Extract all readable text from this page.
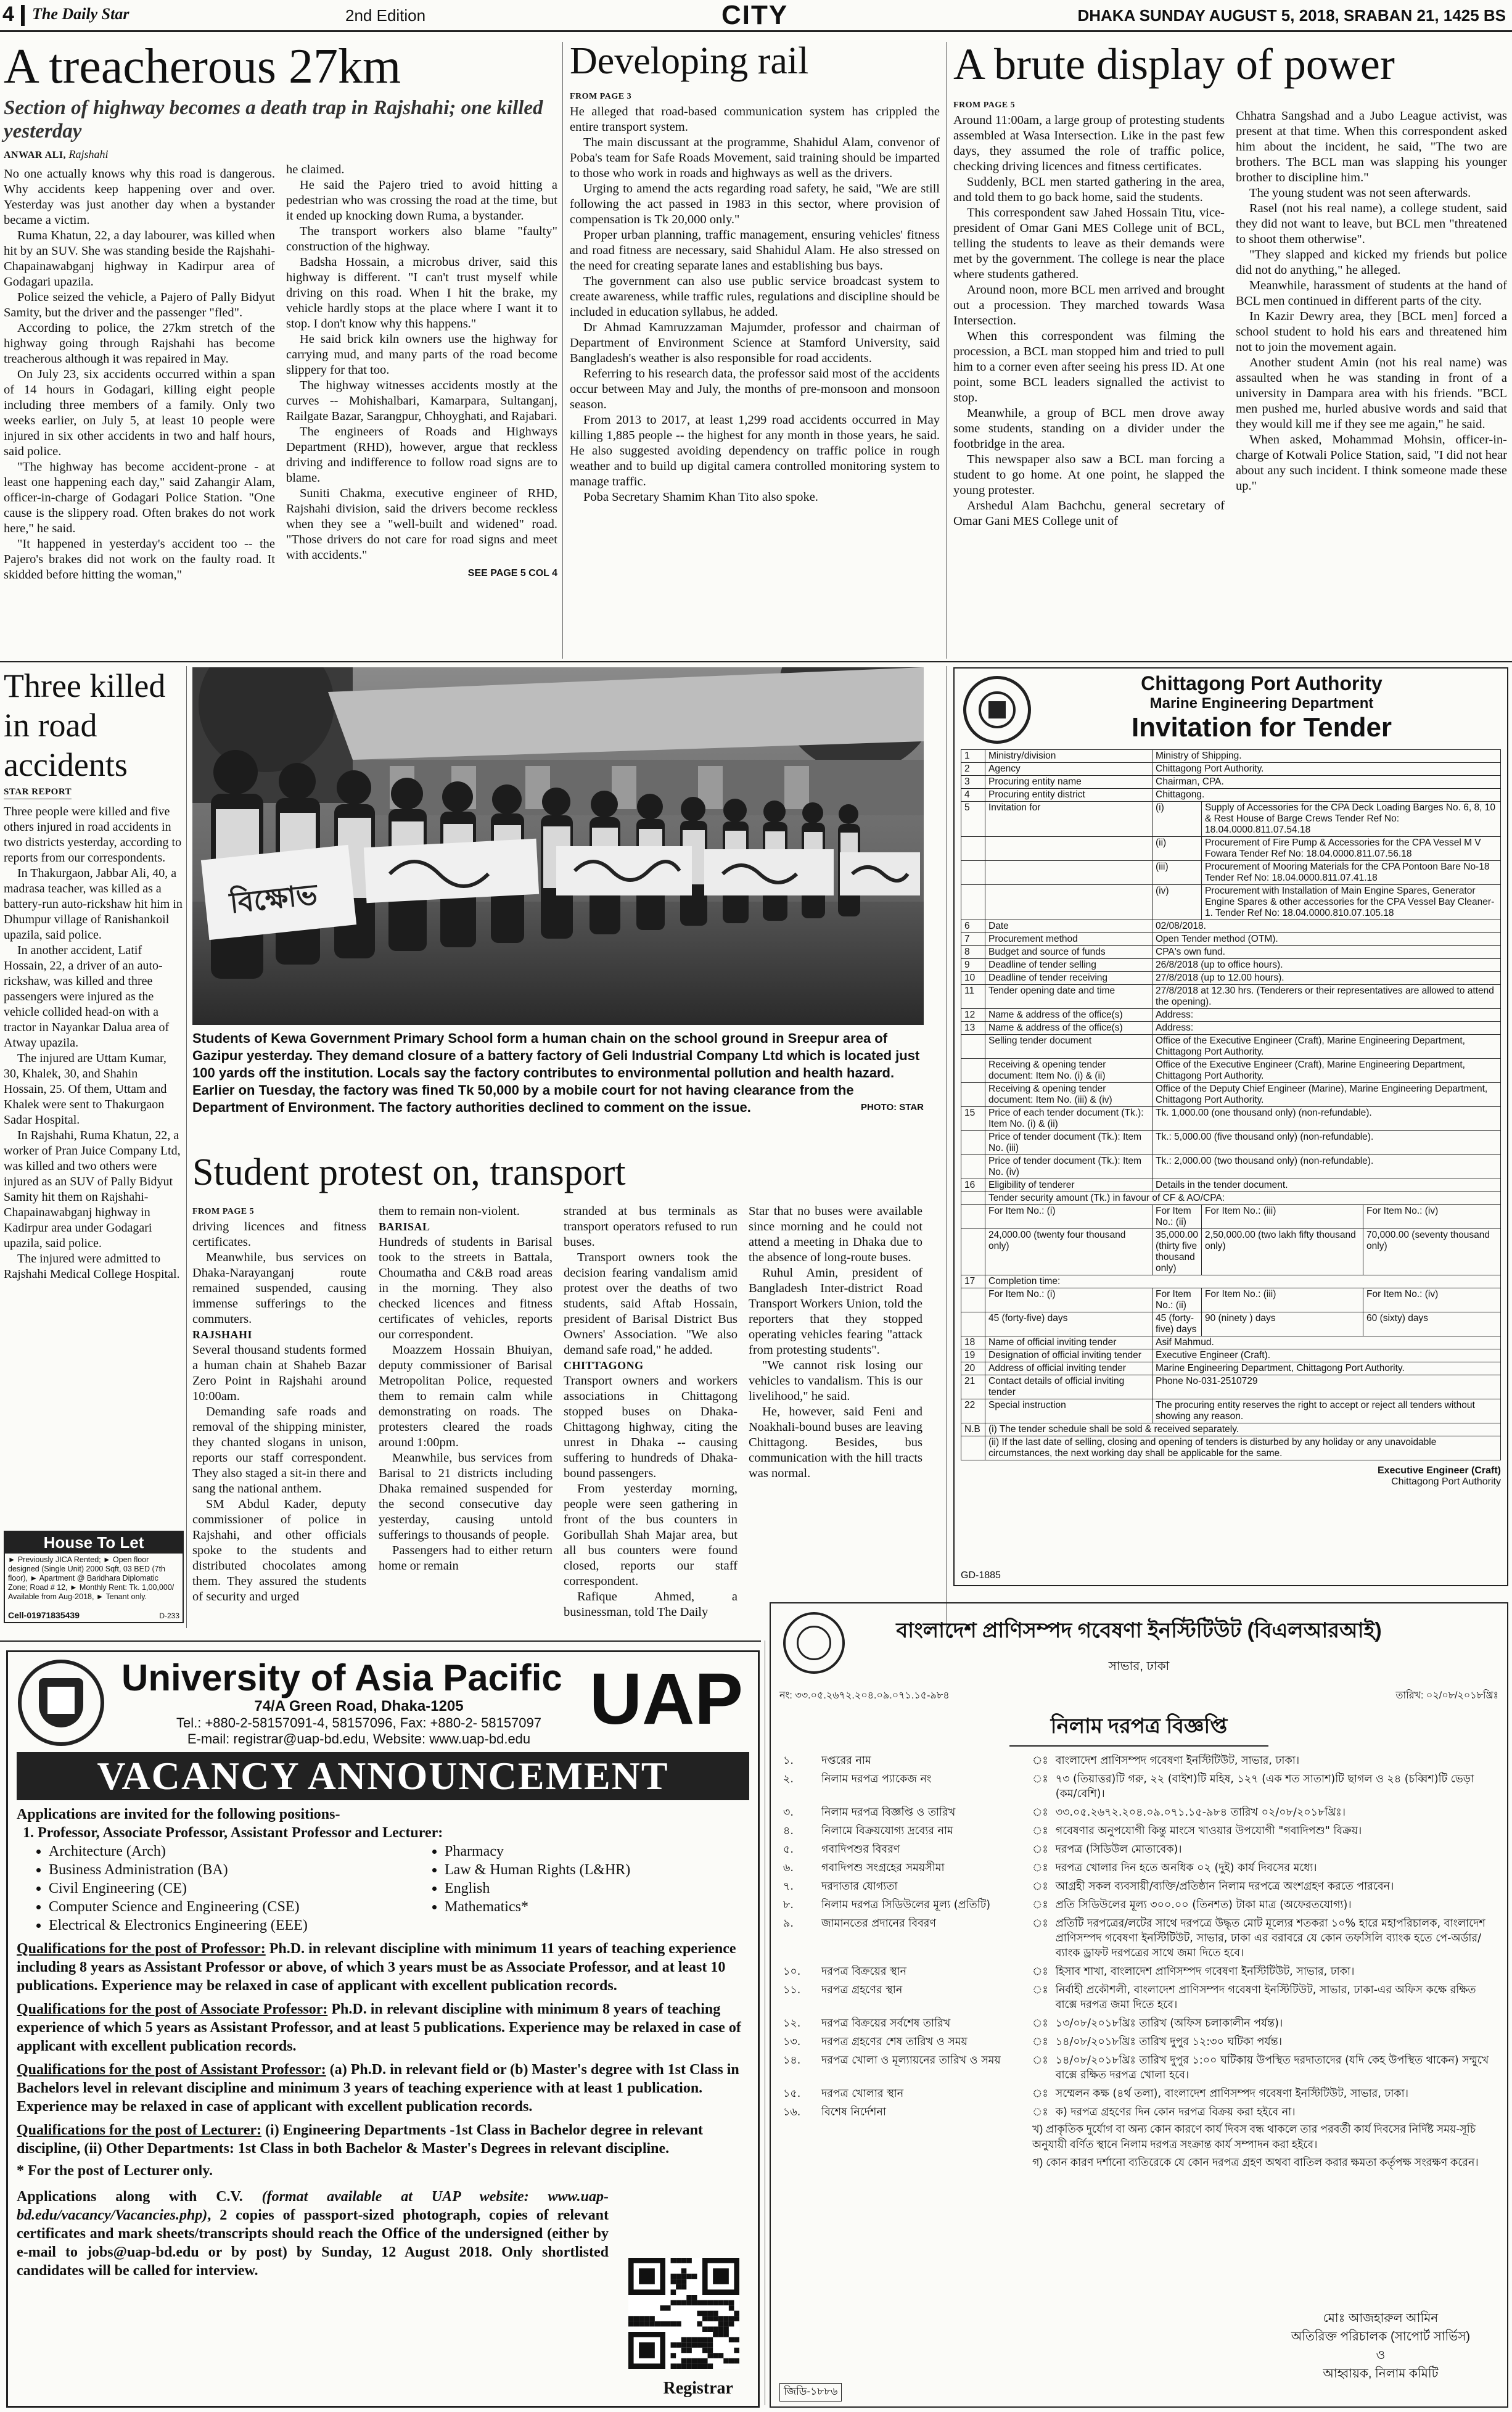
4 The Daily Star	2nd Edition	CITY	DHAKA SUNDAY AUGUST 5, 2018, SRABAN 21, 1425 BS
A treacherous 27km
Section of highway becomes a death trap in Rajshahi; one killed yesterday
ANWAR ALI, Rajshahi

No one actually knows why this road is dangerous. Why accidents keep happening over and over. Yesterday was just another day when a bystander became a victim.

Ruma Khatun, 22, a day labourer, was killed when hit by an SUV. She was standing beside the Rajshahi-Chapainawabganj highway in Kadirpur area of Godagari upazila.

Police seized the vehicle, a Pajero of Pally Bidyut Samity, but the driver and the passenger "fled".

According to police, the 27km stretch of the highway going through Rajshahi has become treacherous although it was repaired in May.

On July 23, six accidents occurred within a span of 14 hours in Godagari, killing eight people including three members of a family. Only two weeks earlier, on July 5, at least 10 people were injured in six other accidents in two and half hours, said police.

"The highway has become accident-prone - at least one happening each day," said Zahangir Alam, officer-in-charge of Godagari Police Station. "One cause is the slippery road. Often brakes do not work here," he said.

"It happened in yesterday's accident too -- the Pajero's brakes did not work on the faulty road. It skidded before hitting the woman,"

he claimed.

He said the Pajero tried to avoid hitting a pedestrian who was crossing the road at the time, but it ended up knocking down Ruma, a bystander.

The transport workers also blame "faulty" construction of the highway.

Badsha Hossain, a microbus driver, said this highway is different. "I can't trust myself while driving on this road. When I hit the brake, my vehicle hardly stops at the place where I want it to stop. I don't know why this happens."

He said brick kiln owners use the highway for carrying mud, and many parts of the road become slippery for that too.

The highway witnesses accidents mostly at the curves -- Mohishalbari, Kamarpara, Sultanganj, Railgate Bazar, Sarangpur, Chhoyghati, and Rajabari.

The engineers of Roads and Highways Department (RHD), however, argue that reckless driving and indifference to follow road signs are to blame.

Suniti Chakma, executive engineer of RHD, Rajshahi division, said the drivers become reckless when they see a "well-built and widened" road. "Those drivers do not care for road signs and meet with accidents."

SEE PAGE 5 COL 4
Developing rail
FROM PAGE 3

He alleged that road-based communication system has crippled the entire transport system.

The main discussant at the programme, Shahidul Alam, convenor of Poba's team for Safe Roads Movement, said training should be imparted to those who work in roads and highways as well as the drivers.

Urging to amend the acts regarding road safety, he said, "We are still following the act passed in 1983 in this sector, where provision of compensation is Tk 20,000 only."

Proper urban planning, traffic management, ensuring vehicles' fitness and road fitness are necessary, said Shahidul Alam. He also stressed on the need for creating separate lanes and establishing bus bays.

The government can also use public service broadcast system to create awareness, while traffic rules, regulations and discipline should be included in education syllabus, he added.

Dr Ahmad Kamruzzaman Majumder, professor and chairman of Department of Environment Science at Stamford University, said Bangladesh's weather is also responsible for road accidents.

Referring to his research data, the professor said most of the accidents occur between May and July, the months of pre-monsoon and monsoon season.

From 2013 to 2017, at least 1,299 road accidents occurred in May killing 1,885 people -- the highest for any month in those years, he said. He also suggested avoiding dependency on traffic police in rough weather and to build up digital camera controlled monitoring system to manage traffic.

Poba Secretary Shamim Khan Tito also spoke.

A brute display of power
FROM PAGE 5

Around 11:00am, a large group of protesting students assembled at Wasa Intersection. Like in the past few days, they assumed the role of traffic police, checking driving licences and fitness certificates.

Suddenly, BCL men started gathering in the area, and told them to go back home, said the students.

This correspondent saw Jahed Hossain Titu, vice-president of Omar Gani MES College unit of BCL, telling the students to leave as their demands were met by the government. The college is near the place where students gathered.

Around noon, more BCL men arrived and brought out a procession. They marched towards Wasa Intersection.

When this correspondent was filming the procession, a BCL man stopped him and tried to pull him to a corner even after seeing his press ID. At one point, some BCL leaders signalled the activist to stop.

Meanwhile, a group of BCL men drove away some students, standing on a divider under the footbridge in the area.

This newspaper also saw a BCL man forcing a student to go home. At one point, he slapped the young protester.

Arshedul Alam Bachchu, general secretary of Omar Gani MES College unit of

Chhatra Sangshad and a Jubo League activist, was present at that time. When this correspondent asked him about the incident, he said, "The two are brothers. The BCL man was slapping his younger brother to discipline him."

The young student was not seen afterwards.

Rasel (not his real name), a college student, said they did not want to leave, but BCL men "threatened to shoot them otherwise".

"They slapped and kicked my friends but police did not do anything," he alleged.

Meanwhile, harassment of students at the hand of BCL men continued in different parts of the city.

In Kazir Dewry area, they [BCL men] forced a school student to hold his ears and threatened him not to join the movement again.

Another student Amin (not his real name) was assaulted when he was standing in front of a university in Dampara area with his friends. "BCL men pushed me, hurled abusive words and said that they would kill me if they see me again," he said.

When asked, Mohammad Mohsin, officer-in-charge of Kotwali Police Station, said, "I did not hear about any such incident. I think someone made these up."

Three killed in road accidents
STAR REPORT

Three people were killed and five others injured in road accidents in two districts yesterday, according to reports from our correspondents.

In Thakurgaon, Jabbar Ali, 40, a madrasa teacher, was killed as a battery-run auto-rickshaw hit him in Dhumpur village of Ranishankoil upazila, said police.

In another accident, Latif Hossain, 22, a driver of an auto-rickshaw, was killed and three passengers were injured as the vehicle collided head-on with a tractor in Nayankar Dalua area of Atway upazila.

The injured are Uttam Kumar, 30, Khalek, 30, and Shahin Hossain, 25. Of them, Uttam and Khalek were sent to Thakurgaon Sadar Hospital.

In Rajshahi, Ruma Khatun, 22, a worker of Pran Juice Company Ltd, was killed and two others were injured as an SUV of Pally Bidyut Samity hit them on Rajshahi-Chapainawabganj highway in Kadirpur area under Godagari upazila, said police.

The injured were admitted to Rajshahi Medical College Hospital.

House To Let
► Previously JICA Rented; ► Open floor designed (Single Unit) 2000 Sqft, 03 BED (7th floor), ► Apartment @ Baridhara Diplomatic Zone; Road # 12, ► Monthly Rent: Tk. 1,00,000/ Available from Aug-2018, ► Tenant only.
Cell-01971835439	D-233
বিক্ষোভ
Students of Kewa Government Primary School form a human chain on the school ground in Sreepur area of Gazipur yesterday. They demand closure of a battery factory of Geli Industrial Company Ltd which is located just 100 yards off the institution. Locals say the factory contributes to environmental pollution and health hazard. Earlier on Tuesday, the factory was fined Tk 50,000 by a mobile court for not having clearance from the Department of Environment. The factory authorities declined to comment on the issue.	PHOTO: STAR
Student protest on, transport
FROM PAGE 5

driving licences and fitness certificates.

Meanwhile, bus services on Dhaka-Narayanganj route remained suspended, causing immense sufferings to the commuters.

RAJSHAHI

Several thousand students formed a human chain at Shaheb Bazar Zero Point in Rajshahi around 10:00am.

Demanding safe roads and removal of the shipping minister, they chanted slogans in unison, reports our staff correspondent. They also staged a sit-in there and sang the national anthem.

SM Abdul Kader, deputy commissioner of police in Rajshahi, and other officials spoke to the students and distributed chocolates among them. They assured the students of security and urged

them to remain non-violent.

BARISAL

Hundreds of students in Barisal took to the streets in Battala, Choumatha and C&B road areas in the morning. They also checked licences and fitness certificates of vehicles, reports our correspondent.

Moazzem Hossain Bhuiyan, deputy commissioner of Barisal Metropolitan Police, requested them to remain calm while demonstrating on roads. The protesters cleared the roads around 1:00pm.

Meanwhile, bus services from Barisal to 21 districts including Dhaka remained suspended for the second consecutive day yesterday, causing untold sufferings to thousands of people.

Passengers had to either return home or remain

stranded at bus terminals as transport operators refused to run buses.

Transport owners took the decision fearing vandalism amid protest over the deaths of two students, said Aftab Hossain, president of Barisal District Bus Owners' Association. "We also demand safe road," he added.

CHITTAGONG

Transport owners and workers associations in Chittagong stopped buses on Dhaka-Chittagong highway, citing the unrest in Dhaka -- causing suffering to hundreds of Dhaka-bound passengers.

From yesterday morning, people were seen gathering in front of the bus counters in Goribullah Shah Majar area, but all bus counters were found closed, reports our staff correspondent.

Rafique Ahmed, a businessman, told The Daily

Star that no buses were available since morning and he could not attend a meeting in Dhaka due to the absence of long-route buses.

Ruhul Amin, president of Bangladesh Inter-district Road Transport Workers Union, told the reporters that they stopped operating vehicles fearing "attack from protesting students".

"We cannot risk losing our vehicles to vandalism. This is our livelihood," he said.

He, however, said Feni and Noakhali-bound buses are leaving Chittagong. Besides, bus communication with the hill tracts was normal.

Chittagong Port Authority
Marine Engineering Department
Invitation for Tender
1	Ministry/division	Ministry of Shipping.		
2	Agency	Chittagong Port Authority.		
3	Procuring entity name	Chairman, CPA.		
4	Procuring entity district	Chittagong.		
5	Invitation for	(i)	Supply of Accessories for the CPA Deck Loading Barges No. 6, 8, 10 & Rest House of Barge Crews Tender Ref No: 18.04.0000.811.07.54.18	
		(ii)	Procurement of Fire Pump & Accessories for the CPA Vessel M V Fowara Tender Ref No: 18.04.0000.811.07.56.18	
		(iii)	Procurement of Mooring Materials for the CPA Pontoon Bare No-18 Tender Ref No: 18.04.0000.811.07.41.18	
		(iv)	Procurement with Installation of Main Engine Spares, Generator Engine Spares & other accessories for the CPA Vessel Bay Cleaner-1. Tender Ref No: 18.04.0000.810.07.105.18	
6	Date	02/08/2018.		
7	Procurement method	Open Tender method (OTM).		
8	Budget and source of funds	CPA's own fund.		
9	Deadline of tender selling	26/8/2018 (up to office hours).		
10	Deadline of tender receiving	27/8/2018 (up to 12.00 hours).		
11	Tender opening date and time	27/8/2018 at 12.30 hrs. (Tenderers or their representatives are allowed to attend the opening).		
12	Name & address of the office(s)	Address:		
13	Name & address of the office(s)	Address:		
	Selling tender document	Office of the Executive Engineer (Craft), Marine Engineering Department, Chittagong Port Authority.		
	Receiving & opening tender document: Item No. (i) & (ii)	Office of the Executive Engineer (Craft), Marine Engineering Department, Chittagong Port Authority.		
	Receiving & opening tender document: Item No. (iii) & (iv)	Office of the Deputy Chief Engineer (Marine), Marine Engineering Department, Chittagong Port Authority.		
15	Price of each tender document (Tk.): Item No. (i) & (ii)	Tk. 1,000.00 (one thousand only) (non-refundable).		
	Price of tender document (Tk.): Item No. (iii)	Tk.: 5,000.00 (five thousand only) (non-refundable).		
	Price of tender document (Tk.): Item No. (iv)	Tk.: 2,000.00 (two thousand only) (non-refundable).		
16	Eligibility of tenderer	Details in the tender document.		
	Tender security amount (Tk.) in favour of CF & AO/CPA:			
	For Item No.: (i)	For Item No.: (ii)	For Item No.: (iii)	For Item No.: (iv)
	24,000.00 (twenty four thousand only)	35,000.00 (thirty five thousand only)	2,50,000.00 (two lakh fifty thousand only)	70,000.00 (seventy thousand only)
17	Completion time:			
	For Item No.: (i)	For Item No.: (ii)	For Item No.: (iii)	For Item No.: (iv)
	45 (forty-five) days	45 (forty-five) days	90 (ninety ) days	60 (sixty) days
18	Name of official inviting tender	Asif Mahmud.		
19	Designation of official inviting tender	Executive Engineer (Craft).		
20	Address of official inviting tender	Marine Engineering Department, Chittagong Port Authority.		
21	Contact details of official inviting tender	Phone No-031-2510729		
22	Special instruction	The procuring entity reserves the right to accept or reject all tenders without showing any reason.		
N.B	(i) The tender schedule shall be sold & received separately.			
	(ii) If the last date of selling, closing and opening of tenders is disturbed by any holiday or any unavoidable circumstances, the next working day shall be applicable for the same.			
Executive Engineer (Craft)
Chittagong Port Authority
GD-1885
University of Asia Pacific UAP
74/A Green Road, Dhaka-1205
Tel.: +880-2-58157091-4, 58157096, Fax: +880-2- 58157097
E-mail: registrar@uap-bd.edu, Website: www.uap-bd.edu
VACANCY ANNOUNCEMENT
Applications are invited for the following positions-
1. Professor, Associate Professor, Assistant Professor and Lecturer:
• Architecture (Arch)
• Business Administration (BA)
• Civil Engineering (CE)
• Computer Science and Engineering (CSE)
• Electrical & Electronics Engineering (EEE)
• Pharmacy
• Law & Human Rights (L&HR)
• English
• Mathematics*

Qualifications for the post of Professor: Ph.D. in relevant discipline with minimum 11 years of teaching experience including 8 years as Assistant Professor or above, of which 3 years must be as Associate Professor, and at least 10 publications. Experience may be relaxed in case of applicant with excellent publication records.

Qualifications for the post of Associate Professor: Ph.D. in relevant discipline with minimum 8 years of teaching experience of which 5 years as Assistant Professor, and at least 5 publications. Experience may be relaxed in case of applicant with excellent publication records.

Qualifications for the post of Assistant Professor: (a) Ph.D. in relevant field or (b) Master's degree with 1st Class in Bachelors level in relevant discipline and minimum 3 years of teaching experience with at least 1 publication. Experience may be relaxed in case of applicant with excellent publication records.

Qualifications for the post of Lecturer: (i) Engineering Departments -1st Class in Bachelor degree in relevant discipline, (ii) Other Departments: 1st Class in both Bachelor & Master's Degrees in relevant discipline.

* For the post of Lecturer only.

Applications along with C.V. (format available at UAP website: www.uap-bd.edu/vacancy/Vacancies.php), 2 copies of passport-sized photograph, copies of relevant certificates and mark sheets/transcripts should reach the Office of the undersigned (either by e-mail to jobs@uap-bd.edu or by post) by Sunday, 12 August 2018. Only shortlisted candidates will be called for interview.

Registrar
বাংলাদেশ প্রাণিসম্পদ গবেষণা ইনস্টিটিউট (বিএলআরআই)
সাভার, ঢাকা
নং: ৩৩.০৫.২৬৭২.২০৪.০৯.০৭১.১৫-৯৮৪	তারিখ: ০২/০৮/২০১৮খ্রিঃ
নিলাম দরপত্র বিজ্ঞপ্তি
১.	দপ্তরের নাম	ঃ	বাংলাদেশ প্রাণিসম্পদ গবেষণা ইনস্টিটিউট, সাভার, ঢাকা।
২.	নিলাম দরপত্র প্যাকেজ নং	ঃ	৭৩ (তিয়াত্তর)টি গরু, ২২ (বাইশ)টি মহিষ, ১২৭ (এক শত সাতাশ)টি ছাগল ও ২৪ (চব্বিশ)টি ভেড়া (কম/বেশি)।
৩.	নিলাম দরপত্র বিজ্ঞপ্তি ও তারিখ	ঃ	৩৩.০৫.২৬৭২.২০৪.০৯.০৭১.১৫-৯৮৪ তারিখ ০২/০৮/২০১৮খ্রিঃ।
৪.	নিলামে বিক্রয়যোগ্য দ্রব্যের নাম	ঃ	গবেষণার অনুপযোগী কিন্তু মাংসে খাওয়ার উপযোগী "গবাদিপশু" বিক্রয়।
৫.	গবাদিপশুর বিবরণ	ঃ	দরপত্র (সিডিউল মোতাবেক)।
৬.	গবাদিপশু সংগ্রহের সময়সীমা	ঃ	দরপত্র খোলার দিন হতে অনধিক ০২ (দুই) কার্য দিবসের মধ্যে।
৭.	দরদাতার যোগ্যতা	ঃ	আগ্রহী সকল ব্যবসায়ী/ব্যক্তি/প্রতিষ্ঠান নিলাম দরপত্রে অংশগ্রহণ করতে পারবেন।
৮.	নিলাম দরপত্র সিডিউলের মূল্য (প্রতিটি)	ঃ	প্রতি সিডিউলের মূল্য ৩০০.০০ (তিনশত) টাকা মাত্র (অফেরতযোগ্য)।
৯.	জামানতের প্রদানের বিবরণ	ঃ	প্রতিটি দরপত্রের/লটের সাথে দরপত্রে উদ্ধৃত মোট মূল্যের শতকরা ১০% হারে মহাপরিচালক, বাংলাদেশ প্রাণিসম্পদ গবেষণা ইনস্টিটিউট, সাভার, ঢাকা এর বরাবরে যে কোন তফসিলি ব্যাংক হতে পে-অর্ডার/ব্যাংক ড্রাফট দরপত্রের সাথে জমা দিতে হবে।
১০.	দরপত্র বিক্রয়ের স্থান	ঃ	হিসাব শাখা, বাংলাদেশ প্রাণিসম্পদ গবেষণা ইনস্টিটিউট, সাভার, ঢাকা।
১১.	দরপত্র গ্রহণের স্থান	ঃ	নির্বাহী প্রকৌশলী, বাংলাদেশ প্রাণিসম্পদ গবেষণা ইনস্টিটিউট, সাভার, ঢাকা-এর অফিস কক্ষে রক্ষিত বাক্সে দরপত্র জমা দিতে হবে।
১২.	দরপত্র বিক্রয়ের সর্বশেষ তারিখ	ঃ	১৩/০৮/২০১৮খ্রিঃ তারিখ (অফিস চলাকালীন পর্যন্ত)।
১৩.	দরপত্র গ্রহণের শেষ তারিখ ও সময়	ঃ	১৪/০৮/২০১৮খ্রিঃ তারিখ দুপুর ১২:৩০ ঘটিকা পর্যন্ত।
১৪.	দরপত্র খোলা ও মূল্যায়নের তারিখ ও সময়	ঃ	১৪/০৮/২০১৮খ্রিঃ তারিখ দুপুর ১:০০ ঘটিকায় উপস্থিত দরদাতাদের (যদি কেহ উপস্থিত থাকেন) সম্মুখে বাক্সে রক্ষিত দরপত্র খোলা হবে।
১৫.	দরপত্র খোলার স্থান	ঃ	সম্মেলন কক্ষ (৪র্থ তলা), বাংলাদেশ প্রাণিসম্পদ গবেষণা ইনস্টিটিউট, সাভার, ঢাকা।
১৬.	বিশেষ নির্দেশনা	ঃ	ক) দরপত্র গ্রহণের দিন কোন দরপত্র বিক্রয় করা হইবে না।
খ) প্রাকৃতিক দুর্যোগ বা অন্য কোন কারণে কার্য দিবস বন্ধ থাকলে তার পরবর্তী কার্য দিবসের নির্দিষ্ট সময়-সূচি অনুযায়ী বর্ণিত স্থানে নিলাম দরপত্র সংক্রান্ত কার্য সম্পাদন করা হইবে।
গ) কোন কারণ দর্শানো ব্যতিরেকে যে কোন দরপত্র গ্রহণ অথবা বাতিল করার ক্ষমতা কর্তৃপক্ষ সংরক্ষণ করেন।
মোঃ আজহারুল আমিন
অতিরিক্ত পরিচালক (সাপোর্ট সার্ভিস)
ও
আহ্বায়ক, নিলাম কমিটি
জিডি-১৮৮৬
